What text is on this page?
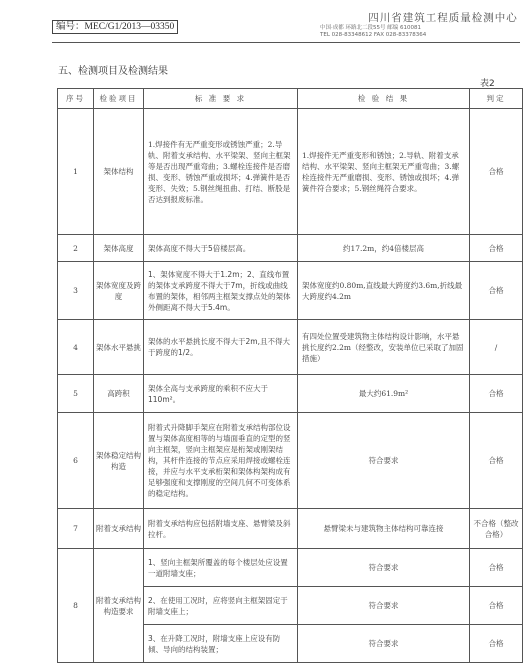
编号：MEC/G1/2013—03350
四川省建筑工程质量检测中心
中国·成都 环路北二段55号 邮编 610081
TEL 028-83348612 FAX 028-83378364
五、检测项目及检测结果
表2
序号	检验项目	标 准 要 求	检 验 结 果	判定
1	架体结构	1.焊接件有无严重变形或锈蚀严重；2.导轨、附着支承结构、水平梁架、竖向主框架等是否出现严重弯曲；3.螺栓连接件是否磨损、变形、锈蚀严重或损坏；4.弹簧件是否变形、失效；5.钢丝绳扭曲、打结、断股是否达到报废标准。	1.焊接件无严重变形和锈蚀；2.导轨、附着支承结构、水平梁架、竖向主框架无严重弯曲；3.螺栓连接件无严重磨损、变形、锈蚀或损坏；4.弹簧件符合要求；5.钢丝绳符合要求。	合格
2	架体高度	架体高度不得大于5倍楼层高。	约17.2m，约4倍楼层高	合格
3	架体宽度及跨度	1、架体宽度不得大于1.2m；2、直线布置的架体支承跨度不得大于7m，折线或曲线布置的架体，相邻两主框架支撑点处的架体外侧距离不得大于5.4m。	架体宽度约0.80m,直线最大跨度约3.6m,折线最大跨度约4.2m	合格
4	架体水平悬挑	架体的水平悬挑长度不得大于2m,且不得大于跨度的1/2。	有四处位置受建筑物主体结构设计影响，水平悬挑长度约2.2m（经整改，安装单位已采取了加固措施）	/
5	高跨积	架体全高与支承跨度的乘积不应大于110m²。	最大约61.9m²	合格
6	架体稳定结构构造	附着式升降脚手架应在附着支承结构部位设置与架体高度相等的与墙面垂直的定型的竖向主框架，竖向主框架应是桁架或刚架结构，其杆件连接的节点应采用焊接或螺栓连接，并应与水平支承桁架和架体构架构成有足够强度和支撑刚度的空间几何不可变体系的稳定结构。	符合要求	合格
7	附着支承结构	附着支承结构应包括附墙支座、悬臂梁及斜拉杆。	悬臂梁未与建筑物主体结构可靠连接	不合格（整改合格）
8	附着支承结构构造要求	1、竖向主框架所覆盖的每个楼层处应设置一道附墙支座；	符合要求	合格
		2、在使用工况时，应将竖向主框架固定于附墙支座上；	符合要求	合格
		3、在升降工况时，附墙支座上应设有防倾、导向的结构装置；	符合要求	合格
